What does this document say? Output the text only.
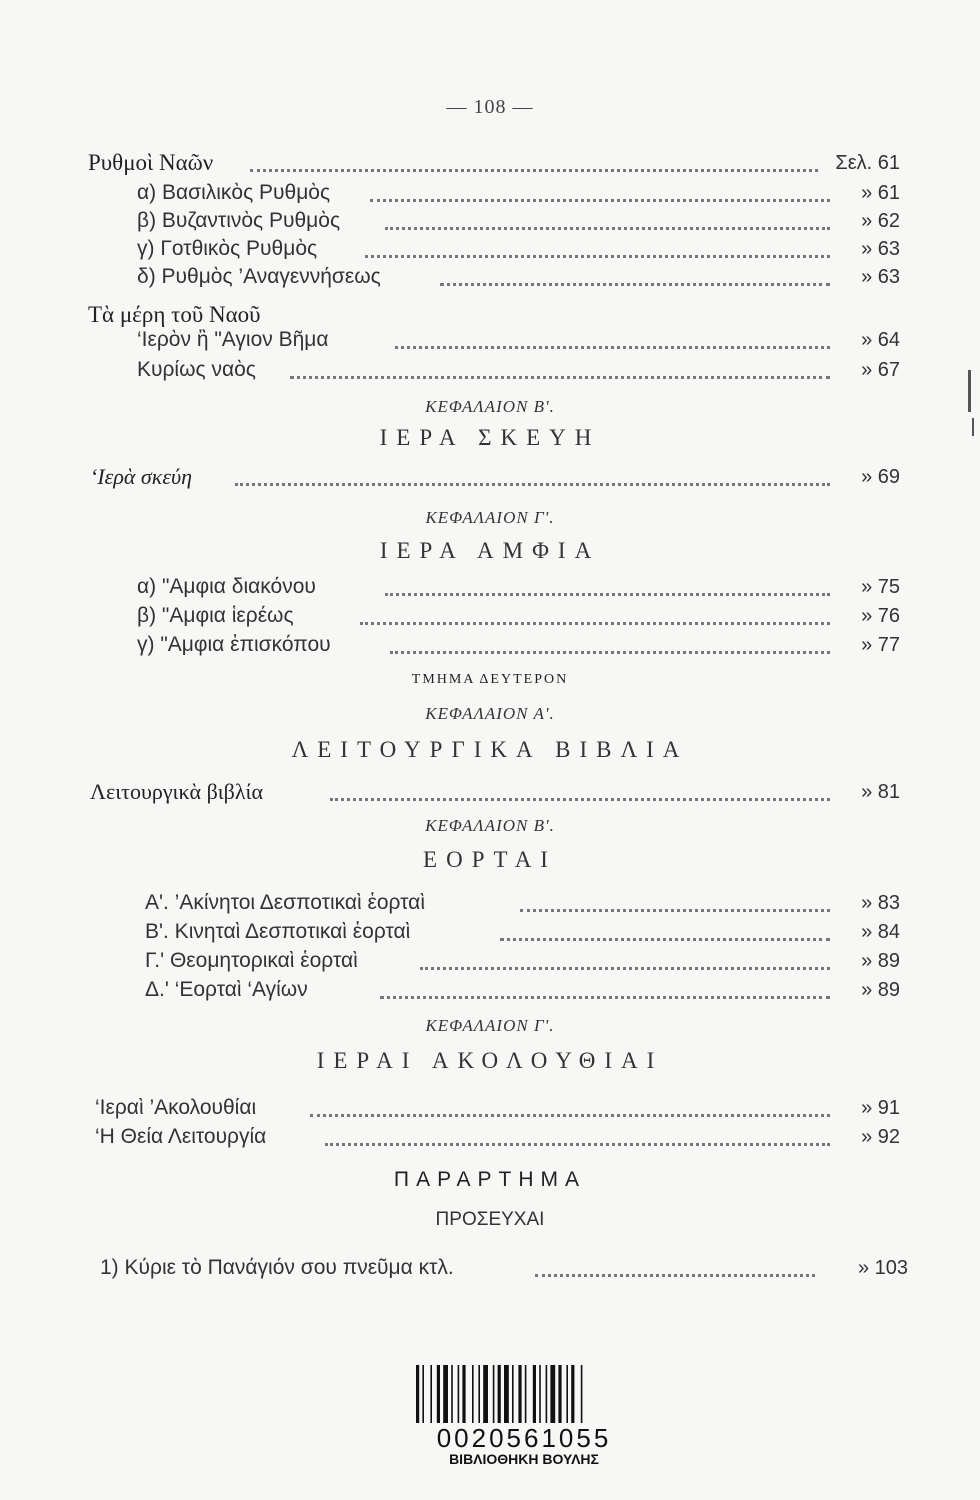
— 108 —
Ρυθμοὶ Ναῶν	Σελ. 61
α) Βασιλικὸς Ρυθμὸς	» 61
β) Βυζαντινὸς Ρυθμὸς	» 62
γ) Γοτθικὸς Ρυθμὸς	» 63
δ) Ρυθμὸς ’Αναγεννήσεως	» 63
Τὰ μέρη τοῦ Ναοῦ
‘Ιερὸν ἢ "Αγιον Βῆμα	» 64
Κυρίως ναὸς	» 67
ΚΕΦΑΛΑΙΟΝ Β'.
ΙΕΡΑ ΣΚΕΥΗ
‘Ιερὰ σκεύη	» 69
ΚΕΦΑΛΑΙΟΝ Γ'.
ΙΕΡΑ ΑΜΦΙΑ
α) "Αμφια διακόνου	» 75
β) "Αμφια ἱερέως	» 76
γ) "Αμφια ἐπισκόπου	» 77
ΤΜΗΜΑ ΔΕΥΤΕΡΟΝ
ΚΕΦΑΛΑΙΟΝ Α'.
ΛΕΙΤΟΥΡΓΙΚΑ ΒΙΒΛΙΑ
Λειτουργικὰ βιβλία	» 81
ΚΕΦΑΛΑΙΟΝ Β'.
ΕΟΡΤΑΙ
Α'. ’Ακίνητοι Δεσποτικαὶ ἑορταὶ	» 83
Β'. Κινηταὶ Δεσποτικαὶ ἑορταὶ	» 84
Γ.' Θεομητορικαὶ ἑορταὶ	» 89
Δ.' ‘Εορταὶ ‘Αγίων	» 89
ΚΕΦΑΛΑΙΟΝ Γ'.
ΙΕΡΑΙ ΑΚΟΛΟΥΘΙΑΙ
‘Ιεραὶ ’Ακολουθίαι	» 91
‘Η Θεία Λειτουργία	» 92
ΠΑΡΑΡΤΗΜΑ
ΠΡΟΣΕΥΧΑΙ
1) Κύριε τὸ Πανάγιόν σου πνεῦμα κτλ.	» 103
0020561055
ΒΙΒΛΙΟΘΗΚΗ ΒΟΥΛΗΣ
